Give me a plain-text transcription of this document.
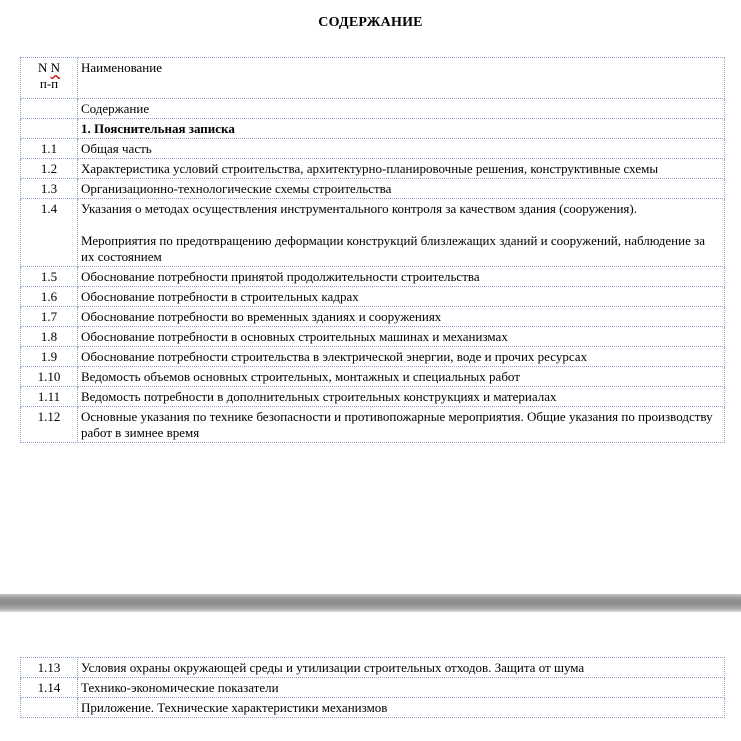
СОДЕРЖАНИЕ
N N
п-п	Наименование
	Содержание
	1. Пояснительная записка
1.1	Общая часть
1.2	Характеристика условий строительства, архитектурно-планировочные решения, конструктивные схемы
1.3	Организационно-технологические схемы строительства
1.4	Указания о методах осуществления инструментального контроля за качеством здания (сооружения).
Мероприятия по предотвращению деформации конструкций близлежащих зданий и сооружений, наблюдение за их состоянием
1.5	Обоснование потребности принятой продолжительности строительства
1.6	Обоснование потребности в строительных кадрах
1.7	Обоснование потребности во временных зданиях и сооружениях
1.8	Обоснование потребности в основных строительных машинах и механизмах
1.9	Обоснование потребности строительства в электрической энергии, воде и прочих ресурсах
1.10	Ведомость объемов основных строительных, монтажных и специальных работ
1.11	Ведомость потребности в дополнительных строительных конструкциях и материалах
1.12	Основные указания по технике безопасности и противопожарные мероприятия. Общие указания по производству работ в зимнее время
1.13	Условия охраны окружающей среды и утилизации строительных отходов. Защита от шума
1.14	Технико-экономические показатели
	Приложение. Технические характеристики механизмов
